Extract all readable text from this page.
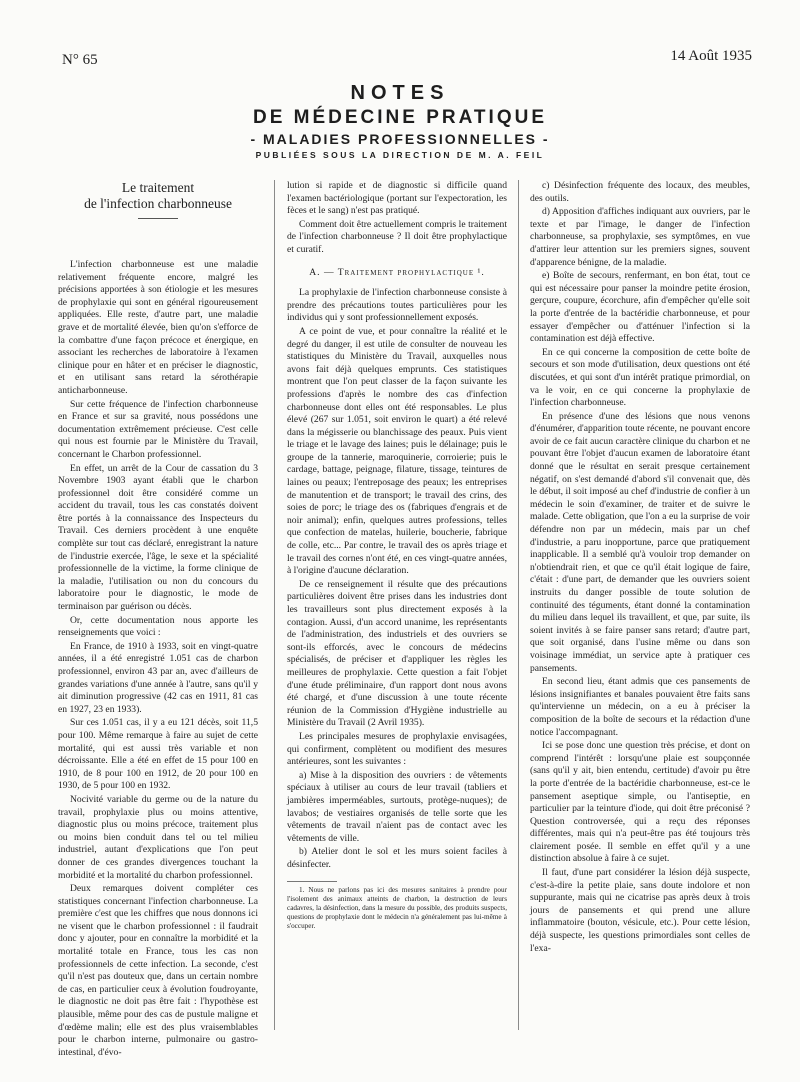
N° 65	14 Août 1935
NOTES
DE MÉDECINE PRATIQUE
- MALADIES PROFESSIONNELLES -
PUBLIÉES SOUS LA DIRECTION DE M. A. FEIL
Le traitement
de l'infection charbonneuse

L'infection charbonneuse est une maladie relativement fréquente encore, malgré les précisions apportées à son étiologie et les mesures de prophylaxie qui sont en général rigoureusement appliquées. Elle reste, d'autre part, une maladie grave et de mortalité élevée, bien qu'on s'efforce de la combattre d'une façon précoce et énergique, en associant les recherches de laboratoire à l'examen clinique pour en hâter et en préciser le diagnostic, et en utilisant sans retard la sérothérapie anticharbonneuse.

Sur cette fréquence de l'infection charbonneuse en France et sur sa gravité, nous possédons une documentation extrêmement précieuse. C'est celle qui nous est fournie par le Ministère du Travail, concernant le Charbon professionnel.

En effet, un arrêt de la Cour de cassation du 3 Novembre 1903 ayant établi que le charbon professionnel doit être considéré comme un accident du travail, tous les cas constatés doivent être portés à la connaissance des Inspecteurs du Travail. Ces derniers procèdent à une enquête complète sur tout cas déclaré, enregistrant la nature de l'industrie exercée, l'âge, le sexe et la spécialité professionnelle de la victime, la forme clinique de la maladie, l'utilisation ou non du concours du laboratoire pour le diagnostic, le mode de terminaison par guérison ou décès.

Or, cette documentation nous apporte les renseignements que voici :

En France, de 1910 à 1933, soit en vingt-quatre années, il a été enregistré 1.051 cas de charbon professionnel, environ 43 par an, avec d'ailleurs de grandes variations d'une année à l'autre, sans qu'il y ait diminution progressive (42 cas en 1911, 81 cas en 1927, 23 en 1933).

Sur ces 1.051 cas, il y a eu 121 décès, soit 11,5 pour 100. Même remarque à faire au sujet de cette mortalité, qui est aussi très variable et non décroissante. Elle a été en effet de 15 pour 100 en 1910, de 8 pour 100 en 1912, de 20 pour 100 en 1930, de 5 pour 100 en 1932.

Nocivité variable du germe ou de la nature du travail, prophylaxie plus ou moins attentive, diagnostic plus ou moins précoce, traitement plus ou moins bien conduit dans tel ou tel milieu industriel, autant d'explications que l'on peut donner de ces grandes divergences touchant la morbidité et la mortalité du charbon professionnel.

Deux remarques doivent compléter ces statistiques concernant l'infection charbonneuse. La première c'est que les chiffres que nous donnons ici ne visent que le charbon professionnel : il faudrait donc y ajouter, pour en connaître la morbidité et la mortalité totale en France, tous les cas non professionnels de cette infection. La seconde, c'est qu'il n'est pas douteux que, dans un certain nombre de cas, en particulier ceux à évolution foudroyante, le diagnostic ne doit pas être fait : l'hypothèse est plausible, même pour des cas de pustule maligne et d'œdème malin; elle est des plus vraisemblables pour le charbon interne, pulmonaire ou gastro-intestinal, d'évo-

lution si rapide et de diagnostic si difficile quand l'examen bactériologique (portant sur l'expectoration, les fèces et le sang) n'est pas pratiqué.

Comment doit être actuellement compris le traitement de l'infection charbonneuse ? Il doit être prophylactique et curatif.

A. — Traitement prophylactique ¹.

La prophylaxie de l'infection charbonneuse consiste à prendre des précautions toutes particulières pour les individus qui y sont professionnellement exposés.

A ce point de vue, et pour connaître la réalité et le degré du danger, il est utile de consulter de nouveau les statistiques du Ministère du Travail, auxquelles nous avons fait déjà quelques emprunts. Ces statistiques montrent que l'on peut classer de la façon suivante les professions d'après le nombre des cas d'infection charbonneuse dont elles ont été responsables. Le plus élevé (267 sur 1.051, soit environ le quart) a été relevé dans la mégisserie ou blanchissage des peaux. Puis vient le triage et le lavage des laines; puis le délainage; puis le groupe de la tannerie, maroquinerie, corroierie; puis le cardage, battage, peignage, filature, tissage, teintures de laines ou peaux; l'entreposage des peaux; les entreprises de manutention et de transport; le travail des crins, des soies de porc; le triage des os (fabriques d'engrais et de noir animal); enfin, quelques autres professions, telles que confection de matelas, huilerie, boucherie, fabrique de colle, etc... Par contre, le travail des os après triage et le travail des cornes n'ont été, en ces vingt-quatre années, à l'origine d'aucune déclaration.

De ce renseignement il résulte que des précautions particulières doivent être prises dans les industries dont les travailleurs sont plus directement exposés à la contagion. Aussi, d'un accord unanime, les représentants de l'administration, des industriels et des ouvriers se sont-ils efforcés, avec le concours de médecins spécialisés, de préciser et d'appliquer les règles les meilleures de prophylaxie. Cette question a fait l'objet d'une étude préliminaire, d'un rapport dont nous avons été chargé, et d'une discussion à une toute récente réunion de la Commission d'Hygiène industrielle au Ministère du Travail (2 Avril 1935).

Les principales mesures de prophylaxie envisagées, qui confirment, complètent ou modifient des mesures antérieures, sont les suivantes :

a) Mise à la disposition des ouvriers : de vêtements spéciaux à utiliser au cours de leur travail (tabliers et jambières imperméables, surtouts, protège-nuques); de lavabos; de vestiaires organisés de telle sorte que les vêtements de travail n'aient pas de contact avec les vêtements de ville.

b) Atelier dont le sol et les murs soient faciles à désinfecter.

1. Nous ne parlons pas ici des mesures sanitaires à prendre pour l'isolement des animaux atteints de charbon, la destruction de leurs cadavres, la désinfection, dans la mesure du possible, des produits suspects, questions de prophylaxie dont le médecin n'a généralement pas lui-même à s'occuper.

c) Désinfection fréquente des locaux, des meubles, des outils.

d) Apposition d'affiches indiquant aux ouvriers, par le texte et par l'image, le danger de l'infection charbonneuse, sa prophylaxie, ses symptômes, en vue d'attirer leur attention sur les premiers signes, souvent d'apparence bénigne, de la maladie.

e) Boîte de secours, renfermant, en bon état, tout ce qui est nécessaire pour panser la moindre petite érosion, gerçure, coupure, écorchure, afin d'empêcher qu'elle soit la porte d'entrée de la bactéridie charbonneuse, et pour essayer d'empêcher ou d'atténuer l'infection si la contamination est déjà effective.

En ce qui concerne la composition de cette boîte de secours et son mode d'utilisation, deux questions ont été discutées, et qui sont d'un intérêt pratique primordial, on va le voir, en ce qui concerne la prophylaxie de l'infection charbonneuse.

En présence d'une des lésions que nous venons d'énumérer, d'apparition toute récente, ne pouvant encore avoir de ce fait aucun caractère clinique du charbon et ne pouvant être l'objet d'aucun examen de laboratoire étant donné que le résultat en serait presque certainement négatif, on s'est demandé d'abord s'il convenait que, dès le début, il soit imposé au chef d'industrie de confier à un médecin le soin d'examiner, de traiter et de suivre le malade. Cette obligation, que l'on a eu la surprise de voir défendre non par un médecin, mais par un chef d'industrie, a paru inopportune, parce que pratiquement inapplicable. Il a semblé qu'à vouloir trop demander on n'obtiendrait rien, et que ce qu'il était logique de faire, c'était : d'une part, de demander que les ouvriers soient instruits du danger possible de toute solution de continuité des téguments, étant donné la contamination du milieu dans lequel ils travaillent, et que, par suite, ils soient invités à se faire panser sans retard; d'autre part, que soit organisé, dans l'usine même ou dans son voisinage immédiat, un service apte à pratiquer ces pansements.

En second lieu, étant admis que ces pansements de lésions insignifiantes et banales pouvaient être faits sans qu'intervienne un médecin, on a eu à préciser la composition de la boîte de secours et la rédaction d'une notice l'accompagnant.

Ici se pose donc une question très précise, et dont on comprend l'intérêt : lorsqu'une plaie est soupçonnée (sans qu'il y ait, bien entendu, certitude) d'avoir pu être la porte d'entrée de la bactéridie charbonneuse, est-ce le pansement aseptique simple, ou l'antiseptie, en particulier par la teinture d'iode, qui doit être préconisé ? Question controversée, qui a reçu des réponses différentes, mais qui n'a peut-être pas été toujours très clairement posée. Il semble en effet qu'il y a une distinction absolue à faire à ce sujet.

Il faut, d'une part considérer la lésion déjà suspecte, c'est-à-dire la petite plaie, sans doute indolore et non suppurante, mais qui ne cicatrise pas après deux à trois jours de pansements et qui prend une allure inflammatoire (bouton, vésicule, etc.). Pour cette lésion, déjà suspecte, les questions primordiales sont celles de l'exa-
